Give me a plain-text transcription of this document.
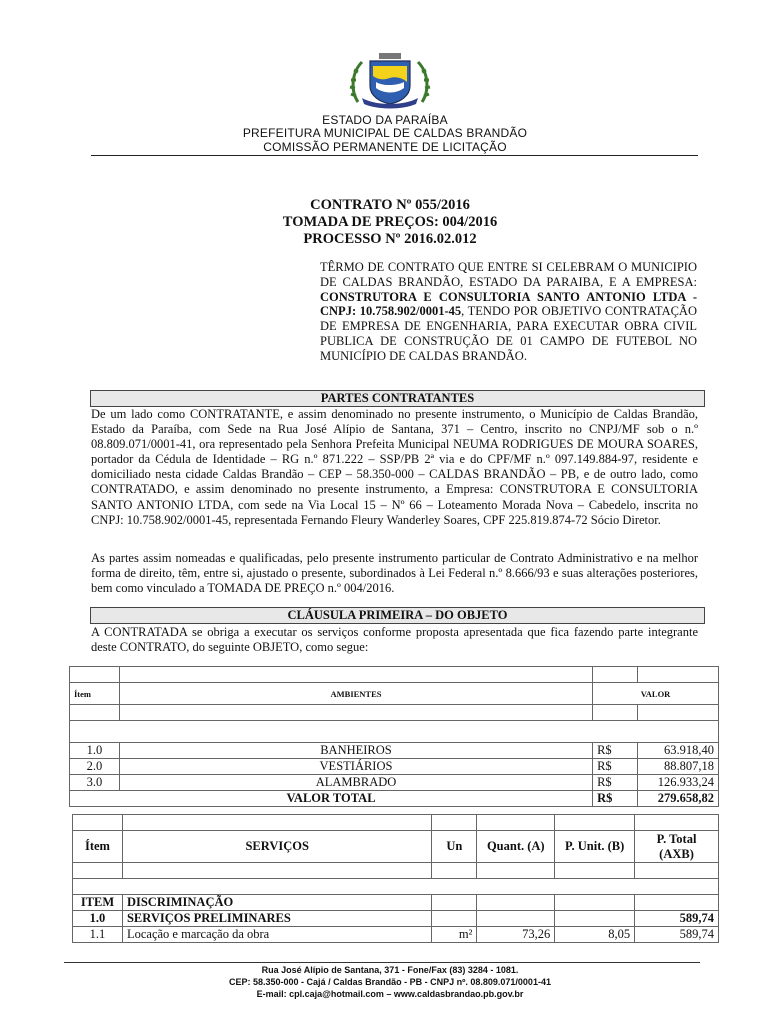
ESTADO DA PARAÍBA
PREFEITURA MUNICIPAL DE CALDAS BRANDÃO
COMISSÃO PERMANENTE DE LICITAÇÃO
CONTRATO Nº 055/2016
TOMADA DE PREÇOS: 004/2016
PROCESSO Nº 2016.02.012
TÊRMO DE CONTRATO QUE ENTRE SI CELEBRAM O MUNICIPIO DE CALDAS BRANDÃO, ESTADO DA PARAIBA, E A EMPRESA: CONSTRUTORA E CONSULTORIA SANTO ANTONIO LTDA - CNPJ: 10.758.902/0001-45, TENDO POR OBJETIVO CONTRATAÇÃO DE EMPRESA DE ENGENHARIA, PARA EXECUTAR OBRA CIVIL PUBLICA DE CONSTRUÇÃO DE 01 CAMPO DE FUTEBOL NO MUNICÍPIO DE CALDAS BRANDÃO.
PARTES CONTRATANTES
De um lado como CONTRATANTE, e assim denominado no presente instrumento, o Município de Caldas Brandão, Estado da Paraíba, com Sede na Rua José Alípio de Santana, 371 – Centro, inscrito no CNPJ/MF sob o n.º 08.809.071/0001-41, ora representado pela Senhora Prefeita Municipal NEUMA RODRIGUES DE MOURA SOARES, portador da Cédula de Identidade – RG n.º 871.222 – SSP/PB 2ª via e do CPF/MF n.º 097.149.884-97, residente e domiciliado nesta cidade Caldas Brandão – CEP – 58.350-000 – CALDAS BRANDÃO – PB, e de outro lado, como CONTRATADO, e assim denominado no presente instrumento, a Empresa: CONSTRUTORA E CONSULTORIA SANTO ANTONIO LTDA, com sede na Via Local 15 – Nº 66 – Loteamento Morada Nova – Cabedelo, inscrita no CNPJ: 10.758.902/0001-45, representada Fernando Fleury Wanderley Soares, CPF 225.819.874-72 Sócio Diretor.
As partes assim nomeadas e qualificadas, pelo presente instrumento particular de Contrato Administrativo e na melhor forma de direito, têm, entre si, ajustado o presente, subordinados à Lei Federal n.º 8.666/93 e suas alterações posteriores, bem como vinculado a TOMADA DE PREÇO n.º 004/2016.
CLÁUSULA PRIMEIRA – DO OBJETO
A CONTRATADA se obriga a executar os serviços conforme proposta apresentada que fica fazendo parte integrante deste CONTRATO, do seguinte OBJETO, como segue:

Ítem	AMBIENTES	VALOR	

1.0	BANHEIROS	R$	63.918,40
2.0	VESTIÁRIOS	R$	88.807,18
3.0	ALAMBRADO	R$	126.933,24
VALOR TOTAL		R$	279.658,82

Ítem	SERVIÇOS	Un	Quant. (A)	P. Unit. (B)	P. Total (AXB)

ITEM	DISCRIMINAÇÃO				
1.0	SERVIÇOS PRELIMINARES				589,74
1.1	Locação e marcação da obra	m²	73,26	8,05	589,74
Rua José Alípio de Santana, 371 - Fone/Fax (83) 3284 - 1081.
CEP: 58.350-000 - Cajá / Caldas Brandão - PB - CNPJ nº. 08.809.071/0001-41
E-mail: cpl.caja@hotmail.com – www.caldasbrandao.pb.gov.br
